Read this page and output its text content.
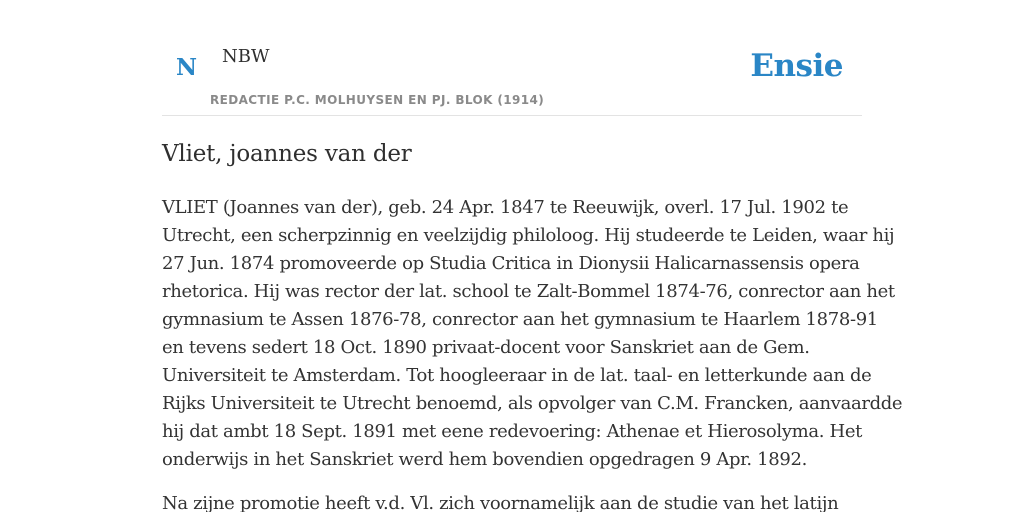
N NBW
REDACTIE P.C. MOLHUYSEN EN PJ. BLOK (1914)
Ensie
Vliet, joannes van der

VLIET (Joannes van der), geb. 24 Apr. 1847 te Reeuwijk, overl. 17 Jul. 1902 te
Utrecht, een scherpzinnig en veelzijdig philoloog. Hij studeerde te Leiden, waar hij
27 Jun. 1874 promoveerde op Studia Critica in Dionysii Halicarnassensis opera
rhetorica. Hij was rector der lat. school te Zalt-Bommel 1874-76, conrector aan het
gymnasium te Assen 1876-78, conrector aan het gymnasium te Haarlem 1878-91
en tevens sedert 18 Oct. 1890 privaat-docent voor Sanskriet aan de Gem.
Universiteit te Amsterdam. Tot hoogleeraar in de lat. taal- en letterkunde aan de
Rijks Universiteit te Utrecht benoemd, als opvolger van C.M. Francken, aanvaardde
hij dat ambt 18 Sept. 1891 met eene redevoering: Athenae et Hierosolyma. Het
onderwijs in het Sanskriet werd hem bovendien opgedragen 9 Apr. 1892.

Na zijne promotie heeft v.d. Vl. zich voornamelijk aan de studie van het latijn
